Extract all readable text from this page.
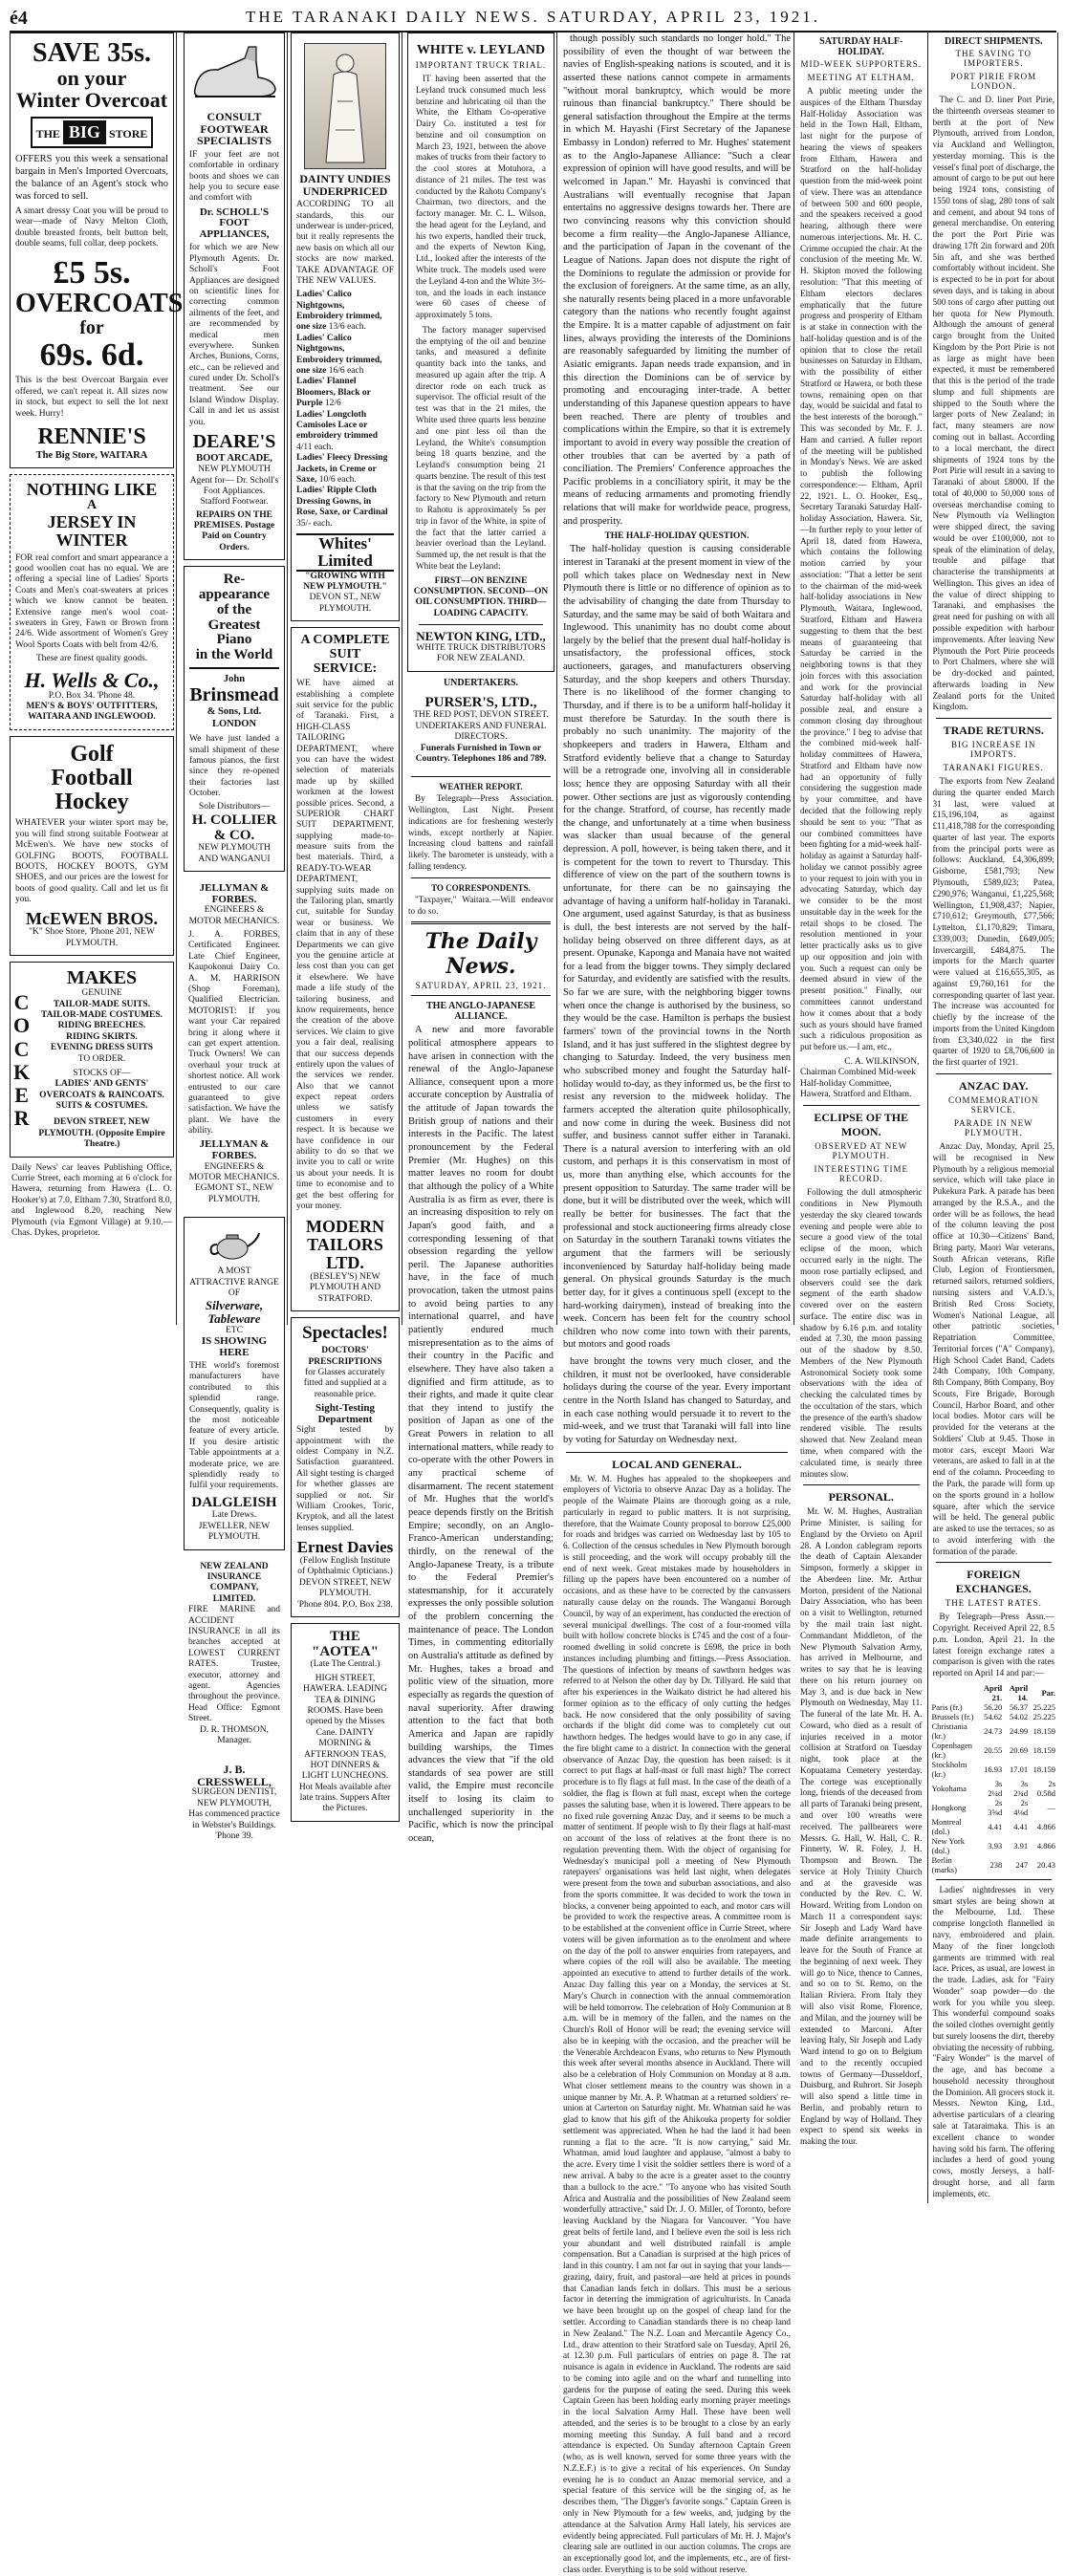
é4	THE TARANAKI DAILY NEWS. SATURDAY, APRIL 23, 1921.
SAVE 35s.
on your
Winter Overcoat
THE BIG STORE
OFFERS you this week a sensational bargain in Men's Imported Overcoats, the balance of an Agent's stock who was forced to sell.
A smart dressy Coat you will be proud to wear—made of Navy Melton Cloth, double breasted fronts, belt button belt, double seams, full collar, deep pockets.
£5 5s.
OVERCOATS
for
69s. 6d.
This is the best Overcoat Bargain ever offered, we can't repeat it. All sizes now in stock, but expect to sell the lot next week. Hurry!
RENNIE'S
The Big Store, WAITARA
NOTHING LIKE
A
JERSEY IN
WINTER
FOR real comfort and smart appearance a good woollen coat has no equal. We are offering a special line of Ladies' Sports Coats and Men's coat-sweaters at prices which we know cannot be beaten. Extensive range men's wool coat-sweaters in Grey, Fawn or Brown from 24/6. Wide assortment of Women's Grey Wool Sports Coats with belt from 42/6.
These are finest quality goods.
H. Wells & Co.,
P.O. Box 34. 'Phone 48.
MEN'S & BOYS' OUTFITTERS, WAITARA AND INGLEWOOD.
Golf
Football
Hockey
WHATEVER your winter sport may be, you will find strong suitable Footwear at McEwen's. We have new stocks of GOLFING BOOTS, FOOTBALL BOOTS, HOCKEY BOOTS, GYM SHOES, and our prices are the lowest for boots of good quality. Call and let us fit you.
McEWEN BROS.
"K" Shoe Store, 'Phone 201, NEW PLYMOUTH.
C
O
C
K
E
R
MAKES
GENUINE
TAILOR-MADE SUITS.
TAILOR-MADE COSTUMES.
RIDING BREECHES.
RIDING SKIRTS.
EVENING DRESS SUITS
TO ORDER.
STOCKS OF—
LADIES' AND GENTS' OVERCOATS & RAINCOATS.
SUITS & COSTUMES.
DEVON STREET, NEW PLYMOUTH. (Opposite Empire Theatre.)
Daily News' car leaves Publishing Office, Currie Street, each morning at 6 o'clock for Hawera, returning from Hawera (L. O. Hooker's) at 7.0, Eltham 7.30, Stratford 8.0, and Inglewood 8.20, reaching New Plymouth (via Egmont Village) at 9.10.—Chas. Dykes, proprietor.
CONSULT FOOTWEAR SPECIALISTS
IF your feet are not comfortable in ordinary boots and shoes we can help you to secure ease and comfort with
Dr. SCHOLL'S FOOT APPLIANCES,
for which we are New Plymouth Agents. Dr. Scholl's Foot Appliances are designed on scientific lines for correcting common ailments of the feet, and are recommended by medical men everywhere. Sunken Arches, Bunions, Corns, etc., can be relieved and cured under Dr. Scholl's treatment. See our Island Window Display. Call in and let us assist you.
DEARE'S
BOOT ARCADE,
NEW PLYMOUTH
Agent for— Dr. Scholl's Foot Appliances. Stafford Footwear.
REPAIRS ON THE PREMISES. Postage Paid on Country Orders.
Re-appearance
of the
Greatest Piano
in the World
John
Brinsmead
& Sons, Ltd.
LONDON
We have just landed a small shipment of these famous pianos, the first since they re-opened their factories last October.
Sole Distributors—
H. COLLIER & CO.
NEW PLYMOUTH AND WANGANUI
JELLYMAN & FORBES.
ENGINEERS & MOTOR MECHANICS.
J. A. FORBES, Certificated Engineer. Late Chief Engineer, Kaupokonui Dairy Co. A. M. HARRISON (Shop Foreman), Qualified Electrician. MOTORIST: If you want your Car repaired bring it along where it can get expert attention. Truck Owners! We can overhaul your truck at shortest notice. All work entrusted to our care guaranteed to give satisfaction. We have the plant. We have the ability.
JELLYMAN & FORBES.
ENGINEERS & MOTOR MECHANICS. EGMONT ST., NEW PLYMOUTH.
A MOST ATTRACTIVE RANGE OF
Silverware, Tableware
ETC
IS SHOWING HERE
THE world's foremost manufacturers have contributed to this splendid range. Consequently, quality is the most noticeable feature of every article. If you desire artistic Table appointments at a moderate price, we are splendidly ready to fulfil your requirements.
DALGLEISH
Late Drews. JEWELLER, NEW PLYMOUTH.
NEW ZEALAND INSURANCE COMPANY, LIMITED.
FIRE MARINE and ACCIDENT INSURANCE in all its branches accepted at LOWEST CURRENT RATES. Trustee, executor, attorney and agent. Agencies throughout the province. Head Office: Egmont Street.
D. R. THOMSON, Manager.
J. B. CRESSWELL,
SURGEON DENTIST, NEW PLYMOUTH,
Has commenced practice in Webster's Buildings. 'Phone 39.
DAINTY UNDIES UNDERPRICED
ACCORDING TO all standards, this our underwear is under-priced, but it really represents the new basis on which all our stocks are now marked. TAKE ADVANTAGE OF THE NEW VALUES.
Ladies' Calico Nightgowns, Embroidery trimmed, one size 13/6 each.
Ladies' Calico Nightgowns, Embroidery trimmed, one size 16/6 each
Ladies' Flannel Bloomers, Black or Purple 12/6
Ladies' Longcloth Camisoles Lace or embroidery trimmed 4/11 each.
Ladies' Fleecy Dressing Jackets, in Creme or Saxe, 10/6 each.
Ladies' Ripple Cloth Dressing Gowns, in Rose, Saxe, or Cardinal 35/- each.
Whites' Limited
"GROWING WITH NEW PLYMOUTH."
DEVON ST., NEW PLYMOUTH.
A COMPLETE SUIT SERVICE:
WE have aimed at establishing a complete suit service for the public of Taranaki. First, a HIGH-CLASS TAILORING DEPARTMENT, where you can have the widest selection of materials made up by skilled workmen at the lowest possible prices. Second, a SUPERIOR CHART SUIT DEPARTMENT, supplying made-to-measure suits from the best materials. Third, a READY-TO-WEAR DEPARTMENT, supplying suits made on the Tailoring plan, smartly cut, suitable for Sunday wear or business. We claim that in any of these Departments we can give you the genuine article at less cost than you can get it elsewhere. We have made a life study of the tailoring business, and know requirements, hence the creation of the above services. We claim to give you a fair deal, realising that our success depends entirely upon the values of the services we render. Also that we cannot expect repeat orders unless we satisfy customers in every respect. It is because we have confidence in our ability to do so that we invite you to call or write us about your needs. It is time to economise and to get the best offering for your money.
MODERN
TAILORS LTD.
(BESLEY'S) NEW PLYMOUTH AND STRATFORD.
Spectacles!
DOCTORS' PRESCRIPTIONS
for Glasses accurately fitted and supplied at a reasonable price.
Sight-Testing Department
Sight tested by appointment with the oldest Company in N.Z. Satisfaction guaranteed. All sight testing is charged for whether glasses are supplied or not. Sir William Crookes, Toric, Kryptok, and all the latest lenses supplied.
Ernest Davies
(Fellow English Institute of Ophthalmic Opticians.) DEVON STREET, NEW PLYMOUTH.
'Phone 804. P.O. Box 238.
THE "AOTEA"
(Late The Central.)
HIGH STREET, HAWERA. LEADING TEA & DINING ROOMS. Have been opened by the Misses Cane. DAINTY MORNING & AFTERNOON TEAS, HOT DINNERS & LIGHT LUNCHEONS. Hot Meals available after late trains. Suppers After the Pictures.
WHITE v. LEYLAND
IMPORTANT TRUCK TRIAL.

IT having been asserted that the Leyland truck consumed much less benzine and lubricating oil than the White, the Eltham Co-operative Dairy Co. instituted a test for benzine and oil consumption on March 23, 1921, between the above makes of trucks from their factory to the cool stores at Motuhora, a distance of 21 miles. The test was conducted by the Rahotu Company's Chairman, two directors, and the factory manager. Mr. C. L. Wilson, the head agent for the Leyland, and his two experts, handled their truck, and the experts of Newton King, Ltd., looked after the interests of the White truck. The models used were the Leyland 4-ton and the White 3½-ton, and the loads in each instance were 60 cases of cheese of approximately 5 tons.

The factory manager supervised the emptying of the oil and benzine tanks, and measured a definite quantity back into the tanks, and measured up again after the trip. A director rode on each truck as supervisor. The official result of the test was that in the 21 miles, the White used three quarts less benzine and one pint less oil than the Leyland, the White's consumption being 18 quarts benzine, and the Leyland's consumption being 21 quarts benzine. The result of this test is that the saving on the trip from the factory to New Plymouth and return to Rahotu is approximately 5s per trip in favor of the White, in spite of the fact that the latter carried a heavier overload than the Leyland. Summed up, the net result is that the White beat the Leyland:

FIRST—ON BENZINE CONSUMPTION. SECOND—ON OIL CONSUMPTION. THIRD—LOADING CAPACITY.
NEWTON KING, LTD.,
WHITE TRUCK DISTRIBUTORS FOR NEW ZEALAND.
UNDERTAKERS.
PURSER'S, LTD.,
THE RED POST, DEVON STREET. UNDERTAKERS AND FUNERAL DIRECTORS.
Funerals Furnished in Town or Country. Telephones 186 and 789.
WEATHER REPORT.

By Telegraph—Press Association. Wellington, Last Night. Present indications are for freshening westerly winds, except northerly at Napier. Increasing cloud battens and rainfall likely. The barometer is unsteady, with a falling tendency.

TO CORRESPONDENTS.

"Taxpayer," Waitara.—Will endeavor to do so.

The Daily News.
SATURDAY, APRIL 23, 1921.
THE ANGLO-JAPANESE ALLIANCE.

A new and more favorable political atmosphere appears to have arisen in connection with the renewal of the Anglo-Japanese Alliance, consequent upon a more accurate conception by Australia of the attitude of Japan towards the British group of nations and their interests in the Pacific. The latest pronouncement by the Federal Premier (Mr. Hughes) on this matter leaves no room for doubt that although the policy of a White Australia is as firm as ever, there is an increasing disposition to rely on Japan's good faith, and a corresponding lessening of that obsession regarding the yellow peril. The Japanese authorities have, in the face of much provocation, taken the utmost pains to avoid being parties to any international quarrel, and have patiently endured much misrepresentation as to the aims of their country in the Pacific and elsewhere. They have also taken a dignified and firm attitude, as to their rights, and made it quite clear that they intend to justify the position of Japan as one of the Great Powers in relation to all international matters, while ready to co-operate with the other Powers in any practical scheme of disarmament. The recent statement of Mr. Hughes that the world's peace depends firstly on the British Empire; secondly, on an Anglo-Franco-American understanding; thirdly, on the renewal of the Anglo-Japanese Treaty, is a tribute to the Federal Premier's statesmanship, for it accurately expresses the only possible solution of the problem concerning the maintenance of peace. The London Times, in commenting editorially on Australia's attitude as defined by Mr. Hughes, takes a broad and politic view of the situation, more especially as regards the question of naval superiority. After drawing attention to the fact that both America and Japan are rapidly building warships, the Times advances the view that "if the old standards of sea power are still valid, the Empire must reconcile itself to losing its claim to unchallenged superiority in the Pacific, which is now the principal ocean,

though possibly such standards no longer hold." The possibility of even the thought of war between the navies of English-speaking nations is scouted, and it is asserted these nations cannot compete in armaments "without moral bankruptcy, which would be more ruinous than financial bankruptcy." There should be general satisfaction throughout the Empire at the terms in which M. Hayashi (First Secretary of the Japanese Embassy in London) referred to Mr. Hughes' statement as to the Anglo-Japanese Alliance: "Such a clear expression of opinion will have good results, and will be welcomed in Japan." Mr. Hayashi is convinced that Australians will eventually recognise that Japan entertains no aggressive designs towards her. There are two convincing reasons why this conviction should become a firm reality—the Anglo-Japanese Alliance, and the participation of Japan in the covenant of the League of Nations. Japan does not dispute the right of the Dominions to regulate the admission or provide for the exclusion of foreigners. At the same time, as an ally, she naturally resents being placed in a more unfavorable category than the nations who recently fought against the Empire. It is a matter capable of adjustment on fair lines, always providing the interests of the Dominions are reasonably safeguarded by limiting the number of Asiatic emigrants. Japan needs trade expansion, and in this direction the Dominions can be of service by promoting and encouraging inter-trade. A better understanding of this Japanese question appears to have been reached. There are plenty of troubles and complications within the Empire, so that it is extremely important to avoid in every way possible the creation of other troubles that can be averted by a path of conciliation. The Premiers' Conference approaches the Pacific problems in a conciliatory spirit, it may be the means of reducing armaments and promoting friendly relations that will make for worldwide peace, progress, and prosperity.

THE HALF-HOLIDAY QUESTION.

The half-holiday question is causing considerable interest in Taranaki at the present moment in view of the poll which takes place on Wednesday next in New Plymouth there is little or no difference of opinion as to the advisability of changing the date from Thursday to Saturday, and the same may be said of both Waitara and Inglewood. This unanimity has no doubt come about largely by the belief that the present dual half-holiday is unsatisfactory, the professional offices, stock auctioneers, garages, and manufacturers observing Saturday, and the shop keepers and others Thursday. There is no likelihood of the former changing to Thursday, and if there is to be a uniform half-holiday it must therefore be Saturday. In the south there is probably no such unanimity. The majority of the shopkeepers and traders in Hawera, Eltham and Stratford evidently believe that a change to Saturday will be a retrograde one, involving all in considerable loss; hence they are opposing Saturday with all their power. Other sections are just as vigorously contending for the change. Stratford, of course, has recently made the change, and unfortunately at a time when business was slacker than usual because of the general depression. A poll, however, is being taken there, and it is competent for the town to revert to Thursday. This difference of view on the part of the southern towns is unfortunate, for there can be no gainsaying the advantage of having a uniform half-holiday in Taranaki. One argument, used against Saturday, is that as business is dull, the best interests are not served by the half-holiday being observed on three different days, as at present. Opunake, Kaponga and Manaia have not waited for a lead from the bigger towns. They simply declared for Saturday, and evidently are satisfied with the results. So far we are sure, with the neighboring bigger towns when once the change is authorised by the business, so they would be the case. Hamilton is perhaps the busiest farmers' town of the provincial towns in the North Island, and it has just suffered in the slightest degree by changing to Saturday. Indeed, the very business men who subscribed money and fought the Saturday half-holiday would to-day, as they informed us, be the first to resist any reversion to the midweek holiday. The farmers accepted the alteration quite philosophically, and now come in during the week. Business did not suffer, and business cannot suffer either in Taranaki. There is a natural aversion to interfering with an old custom, and perhaps it is this conservatism in most of us, more than anything else, which accounts for the present opposition to Saturday. The same trader will be done, but it will be distributed over the week, which will really be better for businesses. The fact that the professional and stock auctioneering firms already close on Saturday in the southern Taranaki towns vitiates the argument that the farmers will be seriously inconvenienced by Saturday half-holiday being made general. On physical grounds Saturday is the much better day, for it gives a continuous spell (except to the hard-working dairymen), instead of breaking into the week. Concern has been felt for the country school children who now come into town with their parents, but motors and good roads

have brought the towns very much closer, and the children, it must not be overlooked, have considerable holidays during the course of the year. Every important centre in the North Island has changed to Saturday, and in each case nothing would persuade it to revert to the mid-week, and we trust that Taranaki will fall into line by voting for Saturday on Wednesday next.

LOCAL AND GENERAL.

Mr. W. M. Hughes has appealed to the shopkeepers and employers of Victoria to observe Anzac Day as a holiday. The people of the Waimate Plains are thorough going as a rule, particularly in regard to public matters. It is not surprising, therefore, that the Waimate County proposal to borrow £25,000 for roads and bridges was carried on Wednesday last by 105 to 6. Collection of the census schedules in New Plymouth borough is still proceeding, and the work will occupy probably till the end of next week. Great mistakes made by householders in filling up the papers have been encountered on a number of occasions, and as these have to be corrected by the canvassers naturally cause delay on the rounds. The Wanganui Borough Council, by way of an experiment, has conducted the erection of several municipal dwellings. The cost of a four-roomed villa built with hollow concrete blocks is £745 and the cost of a four-roomed dwelling in solid concrete is £698, the price in both instances including plumbing and fittings.—Press Association. The questions of infection by means of sawthorn hedges was referred to at Nelson the other day by Dr. Tillyard. He said that after his experiences in the Waikato district he had altered his former opinion as to the efficacy of only cutting the hedges back. He now considered that the only possibility of saving orchards if the blight did come was to completely cut out hawthorn hedges. The hedges would have to go in any case, if the fire blight came to a district. In connection with the general observance of Anzac Day, the question has been raised: is it correct to put flags at half-mast or full mast high? The correct procedure is to fly flags at full mast. In the case of the death of a soldier, the flag is flown at full mast, except when the cortege passes the saluting base, when it is lowered. There appears to be no fixed rule governing Anzac Day, and it seems to be much a matter of sentiment. If people wish to fly their flags at half-mast on account of the loss of relatives at the front there is no regulation preventing them. With the object of organising for Wednesday's municipal poll a meeting of New Plymouth ratepayers' organisations was held last night, when delegates were present from the town and suburban associations, and also from the sports committee. It was decided to work the town in blocks, a convener being appointed to each, and motor cars will be provided to work the respective areas. A committee room is to be established at the convenient office in Currie Street, where voters will be given information as to the enrolment and where on the day of the poll to answer enquiries from ratepayers, and where copies of the roll will also be available. The meeting appointed an executive to attend to further details of the work. Anzac Day falling this year on a Monday, the services at St. Mary's Church in connection with the annual commemoration will be held tomorrow. The celebration of Holy Communion at 8 a.m. will be in memory of the fallen, and the names on the Church's Roll of Honor will be read; the evening service will also be in keeping with the occasion, and the preacher will be the Venerable Archdeacon Evans, who returns to New Plymouth this week after several months absence in Auckland. There will also be a celebration of Holy Communion on Monday at 8 a.m. What closer settlement means to the country was shown in a unique manner by Mr. A. P. Whatman at a returned soldiers' re-union at Carterton on Saturday night. Mr. Whatman said he was glad to know that his gift of the Ahikouka property for soldier settlement was appreciated. When he had the land it had been running a flat to the acre. "It is now carrying," said Mr. Whatman, amid loud laughter and applause, "almost a baby to the acre. Every time I visit the soldier settlers there is word of a new arrival. A baby to the acre is a greater asset to the country than a bullock to the acre." "To anyone who has visited South Africa and Australia and the possibilities of New Zealand seem wonderfully attractive," said Dr. J. O. Miller, of Toronto, before leaving Auckland by the Niagara for Vancouver. "You have great belts of fertile land, and I believe even the soil is less rich your abundant and well distributed rainfall is ample compensation. But a Canadian is surprised at the high prices of land in this country. I am not far out in saying that your lands—grazing, dairy, fruit, and pastoral—are held at prices in pounds that Canadian lands fetch in dollars. This must be a serious factor in deterring the immigration of agriculturists. In Canada we have been brought up on the gospel of cheap land for the settler. According to Canadian standards there is no cheap land in New Zealand." The N.Z. Loan and Mercantile Agency Co., Ltd., draw attention to their Stratford sale on Tuesday, April 26, at 12.30 p.m. Full particulars of entries on page 8. The rat nuisance is again in evidence in Auckland. The rodents are said to be coming into agile and on the wharf and tunnelling into gardens for the purpose of eating the seed. During this week Captain Green has been holding early morning prayer meetings in the local Salvation Army Hall. These have been well attended, and the series is to be brought to a close by an early morning meeting this Sunday. A full band and a record attendance is expected. On Sunday afternoon Captain Green (who, as is well known, served for some three years with the N.Z.E.F.) is to give a recital of his experiences. On Sunday evening he is to conduct an Anzac memorial service, and a special feature of this service will be the singing of, as he describes them, "The Digger's favorite songs." Captain Green is only in New Plymouth for a few weeks, and, judging by the attendance at the Salvation Army Hall lately, his services are evidently being appreciated. Full particulars of Mr. H. J. Major's clearing sale are outlined in our auction columns. The crops are an exceptionally good lot, and the implements, etc., are of first-class order. Everything is to be sold without reserve.

SATURDAY HALF-HOLIDAY.
MID-WEEK SUPPORTERS.
MEETING AT ELTHAM.

A public meeting under the auspices of the Eltham Thursday Half-Holiday Association was held in the Town Hall, Eltham, last night for the purpose of hearing the views of speakers from Eltham, Hawera and Stratford on the half-holiday question from the mid-week point of view. There was an attendance of between 500 and 600 people, and the speakers received a good hearing, although there were numerous interjections. Mr. H. C. Crimme occupied the chair. At the conclusion of the meeting Mr. W. H. Skipton moved the following resolution: "That this meeting of Eltham electors declares emphatically that the future progress and prosperity of Eltham is at stake in connection with the half-holiday question and is of the opinion that to close the retail businesses on Saturday in Eltham, with the possibility of either Stratford or Hawera, or both these towns, remaining open on that day, would be suicidal and fatal to the best interests of the borough." This was seconded by Mr. F. J. Ham and carried. A fuller report of the meeting will be published in Monday's News. We are asked to publish the following correspondence:— Eltham, April 22, 1921. L. O. Hooker, Esq., Secretary Taranaki Saturday Half-holiday Association, Hawera. Sir,—In further reply to your letter of April 18, dated from Hawera, which contains the following motion carried by your association: "That a letter be sent to the chairman of the mid-week half-holiday associations in New Plymouth, Waitara, Inglewood, Stratford, Eltham and Hawera suggesting to them that the best means of guaranteeing that Saturday be carried in the neighboring towns is that they join forces with this association and work for the provincial Saturday half-holiday with all possible zeal, and ensure a common closing day throughout the province." I beg to advise that the combined mid-week half-holiday committees of Hawera, Stratford and Eltham have now had an opportunity of fully considering the suggestion made by your committee, and have decided that the following reply should be sent to you: "That as our combined committees have been fighting for a mid-week half-holiday as against a Saturday half-holiday we cannot possibly agree to your request to join with you in advocating Saturday, which day we consider to be the most unsuitable day in the week for the retail shops to be closed. The resolution mentioned in your letter practically asks us to give up our opposition and join with you. Such a request can only be deemed absurd in view of the present position." Finally, our committees cannot understand how it comes about that a body such as yours should have framed such a ridiculous proposition as put before us.—I am, etc.,

C. A. WILKINSON,
Chairman Combined Mid-week Half-holiday Committee, Hawera, Stratford and Eltham.
ECLIPSE OF THE MOON.
OBSERVED AT NEW PLYMOUTH.
INTERESTING TIME RECORD.

Following the dull atmospheric conditions in New Plymouth yesterday the sky cleared towards evening and people were able to secure a good view of the total eclipse of the moon, which occurred early in the night. The moon rose partially eclipsed, and observers could see the dark segment of the earth shadow covered over on the eastern surface. The entire disc was in shadow by 6.16 p.m. and totality ended at 7.30, the moon passing out of the shadow by 8.50. Members of the New Plymouth Astronomical Society took some observations with the idea of checking the calculated times by the occultation of the stars, which the presence of the earth's shadow rendered visible. The results showed that New Zealand mean time, when compared with the calculated time, is nearly three minutes slow.

PERSONAL.

Mr. W. M. Hughes, Australian Prime Minister, is sailing for England by the Orvieto on April 28. A London cablegram reports the death of Captain Alexander Simpson, formerly a skipper in the Aberdeen line. Mr. Arthur Morton, president of the National Dairy Association, who has been on a visit to Wellington, returned by the mail train last night. Commandant Middleton, of the New Plymouth Salvation Army, has arrived in Melbourne, and writes to say that he is leaving there on his return journey on May 3, and is due back in New Plymouth on Wednesday, May 11. The funeral of the late Mr. H. A. Coward, who died as a result of injuries received in a motor collision at Stratford on Tuesday night, took place at the Kopuatama Cemetery yesterday. The cortege was exceptionally long, friends of the deceased from all parts of Taranaki being present, and over 100 wreaths were received. The pallbearers were Messrs. G. Hall, W. Hall, C. R. Finnerty, W. R. Foley, J. H. Thompson and Brown. The service at Holy Trinity Church and at the graveside was conducted by the Rev. C. W. Howard. Writing from London on March 11 a correspondent says: Sir Joseph and Lady Ward have made definite arrangements to leave for the South of France at the beginning of next week. They will go to Nice, thence to Cannes, and so on to St. Remo, on the Italian Riviera. From Italy they will also visit Rome, Florence, and Milan, and the journey will be extended to Marconi. After leaving Italy, Sir Joseph and Lady Ward intend to go on to Belgium and to the recently occupied towns of Germany—Dusseldorf, Duisburg, and Ruhrort. Sir Joseph will also spend a little time in Berlin, and probably return to England by way of Holland. They expect to spend six weeks in making the tour.

DIRECT SHIPMENTS.
THE SAVING TO IMPORTERS.
PORT PIRIE FROM LONDON.

The C. and D. liner Port Pirie, the thirteenth overseas steamer to berth at the port of New Plymouth, arrived from London, via Auckland and Wellington, yesterday morning. This is the vessel's final port of discharge, the amount of cargo to be put out here being 1924 tons, consisting of 1550 tons of slag, 280 tons of salt and cement, and about 94 tons of general merchandise. On entering the port the Port Pirie was drawing 17ft 2in forward and 20ft 5in aft, and she was berthed comfortably without incident. She is expected to be in port for about seven days, and is taking in about 500 tons of cargo after putting out her quota for New Plymouth. Although the amount of general cargo brought from the United Kingdom by the Port Pirie is not as large as might have been expected, it must be remembered that this is the period of the trade slump and full shipments are shipped to the South where the larger ports of New Zealand; in fact, many steamers are now coming out in ballast. According to a local merchant, the direct shipments of 1924 tons by the Port Pirie will result in a saving to Taranaki of about £8000. If the total of 40,000 to 50,000 tons of overseas merchandise coming to New Plymouth via Wellington were shipped direct, the saving would be over £100,000, not to speak of the elimination of delay, trouble and pilfage that characterise the transhipments at Wellington. This gives an idea of the value of direct shipping to Taranaki, and emphasises the great need for pushing on with all possible expedition with harbour improvements. After leaving New Plymouth the Port Pirie proceeds to Port Chalmers, where she will be dry-docked and painted, afterwards loading in New Zealand ports for the United Kingdom.

TRADE RETURNS.
BIG INCREASE IN IMPORTS.
TARANAKI FIGURES.

The exports from New Zealand during the quarter ended March 31 last, were valued at £15,196,104, as against £11,418,788 for the corresponding quarter of last year. The exports from the principal ports were as follows: Auckland, £4,306,899; Gisborne, £581,793; New Plymouth, £589,023; Patea, £290,976; Wanganui, £1,225,568; Wellington, £1,908,437; Napier, £710,612; Greymouth, £77,566; Lyttelton, £1,170,829; Timaru, £339,003; Dunedin, £649,005; Invercargill, £484,875. The imports for the March quarter were valued at £16,655,305, as against £9,760,161 for the corresponding quarter of last year. The increase was accounted for chiefly by the increase of the imports from the United Kingdom from £3,340,022 in the first quarter of 1920 to £8,706,600 in the first quarter of 1921.

ANZAC DAY.
COMMEMORATION SERVICE.
PARADE IN NEW PLYMOUTH.

Anzac Day, Monday, April 25, will be recognised in New Plymouth by a religious memorial service, which will take place in Pukekura Park. A parade has been arranged by the R.S.A., and the order will be as follows, the head of the column leaving the post office at 10.30—Citizens' Band, Bring party, Maori War veterans, South African veterans, Rifle Club, Legion of Frontiersmen, returned sailors, returned soldiers, nursing sisters and V.A.D.'s, British Red Cross Society, Women's National League, all other patriotic societies, Repatriation Committee, Territorial forces ("A" Company), High School Cadet Band, Cadets 24th Company, 10th Company, 8th Company, 86th Company, Boy Scouts, Fire Brigade, Borough Council, Harbor Board, and other local bodies. Motor cars will be provided for the veterans at the Soldiers' Club at 9.45. Those in motor cars, except Maori War veterans, are asked to fall in at the end of the column. Proceeding to the Park, the parade will form up on the sports ground in a hollow square, after which the service will be held. The general public are asked to use the terraces, so as to avoid interfering with the formation of the parade.

FOREIGN EXCHANGES.
THE LATEST RATES.

By Telegraph—Press Assn.—Copyright. Received April 22, 8.5 p.m. London, April 21. In the latest foreign exchange rates a comparison is given with the rates reported on April 14 and par:—

	April 21.	April 14.	Par.
Paris (fr.)	56.20	56.37	25.225
Brussels (fr.)	54.62	54.02	25.225
Christiania (kr.)	24.73	24.99	18.159
Copenhagen (kr.)	20.55	20.69	18.159
Stockholm (kr.)	16.93	17.01	18.159
Yokohama	3s 2¼d	3s 2¾d	2s 0.58d
Hongkong	2s 3⅝d	2s 4⅛d	—
Montreal (dol.)	4.41	4.41	4.866
New York (dol.)	3.93	3.91	4.866
Berlin (marks)	238	247	20.43

Ladies' nightdresses in very smart styles are being shown at the Melbourne, Ltd. These comprise longcloth flannelled in navy, embroidered and plain. Many of the finer longcloth garments are trimmed with real lace. Prices, as usual, are lowest in the trade. Ladies, ask for "Fairy Wonder" soap powder—do the work for you while you sleep. This wonderful compound soaks the soiled clothes overnight gently but surely loosens the dirt, thereby obviating the necessity of rubbing. "Fairy Wonder" is the marvel of the age, and has become a household necessity throughout the Dominion. All grocers stock it. Messrs. Newton King, Ltd., advertise particulars of a clearing sale at Tataraimaka. This is an excellent chance to wonder having sold his farm. The offering includes a herd of good young cows, mostly Jerseys, a half-drought horse, and all farm implements, etc.
